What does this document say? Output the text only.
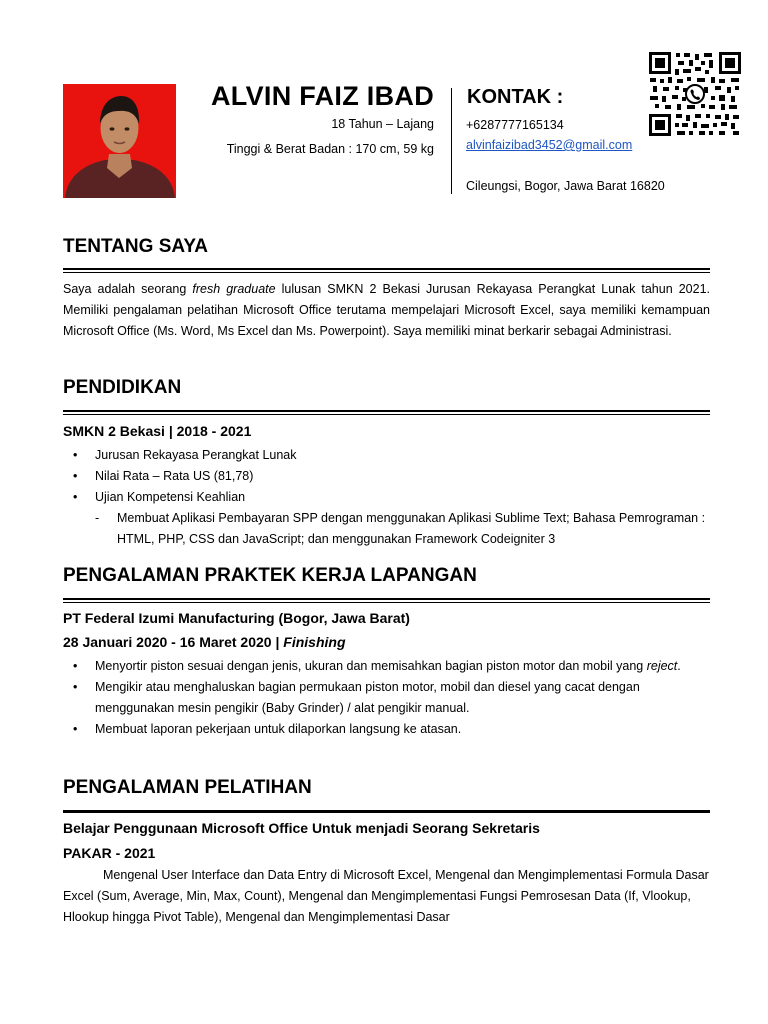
ALVIN FAIZ IBAD
18 Tahun – Lajang
Tinggi & Berat Badan : 170 cm, 59 kg
KONTAK :
+6287777165134
alvinfaizibad3452@gmail.com
Cileungsi, Bogor, Jawa Barat 16820
TENTANG SAYA
Saya adalah seorang fresh graduate lulusan SMKN 2 Bekasi Jurusan Rekayasa Perangkat Lunak tahun 2021. Memiliki pengalaman pelatihan Microsoft Office terutama mempelajari Microsoft Excel, saya memiliki kemampuan Microsoft Office (Ms. Word, Ms Excel dan Ms. Powerpoint). Saya memiliki minat berkarir sebagai Administrasi.
PENDIDIKAN
SMKN 2 Bekasi | 2018 - 2021
• Jurusan Rekayasa Perangkat Lunak
• Nilai Rata – Rata US (81,78)
• Ujian Kompetensi Keahlian
- Membuat Aplikasi Pembayaran SPP dengan menggunakan Aplikasi Sublime Text; Bahasa Pemrograman : HTML, PHP, CSS dan JavaScript; dan menggunakan Framework Codeigniter 3
PENGALAMAN PRAKTEK KERJA LAPANGAN
PT Federal Izumi Manufacturing (Bogor, Jawa Barat)
28 Januari 2020 - 16 Maret 2020 | Finishing
• Menyortir piston sesuai dengan jenis, ukuran dan memisahkan bagian piston motor dan mobil yang reject.
• Mengikir atau menghaluskan bagian permukaan piston motor, mobil dan diesel yang cacat dengan menggunakan mesin pengikir (Baby Grinder) / alat pengikir manual.
• Membuat laporan pekerjaan untuk dilaporkan langsung ke atasan.
PENGALAMAN PELATIHAN
Belajar Penggunaan Microsoft Office Untuk menjadi Seorang Sekretaris
PAKAR - 2021
Mengenal User Interface dan Data Entry di Microsoft Excel, Mengenal dan Mengimplementasi Formula Dasar Excel (Sum, Average, Min, Max, Count), Mengenal dan Mengimplementasi Fungsi Pemrosesan Data (If, Vlookup, Hlookup hingga Pivot Table), Mengenal dan Mengimplementasi Dasar
